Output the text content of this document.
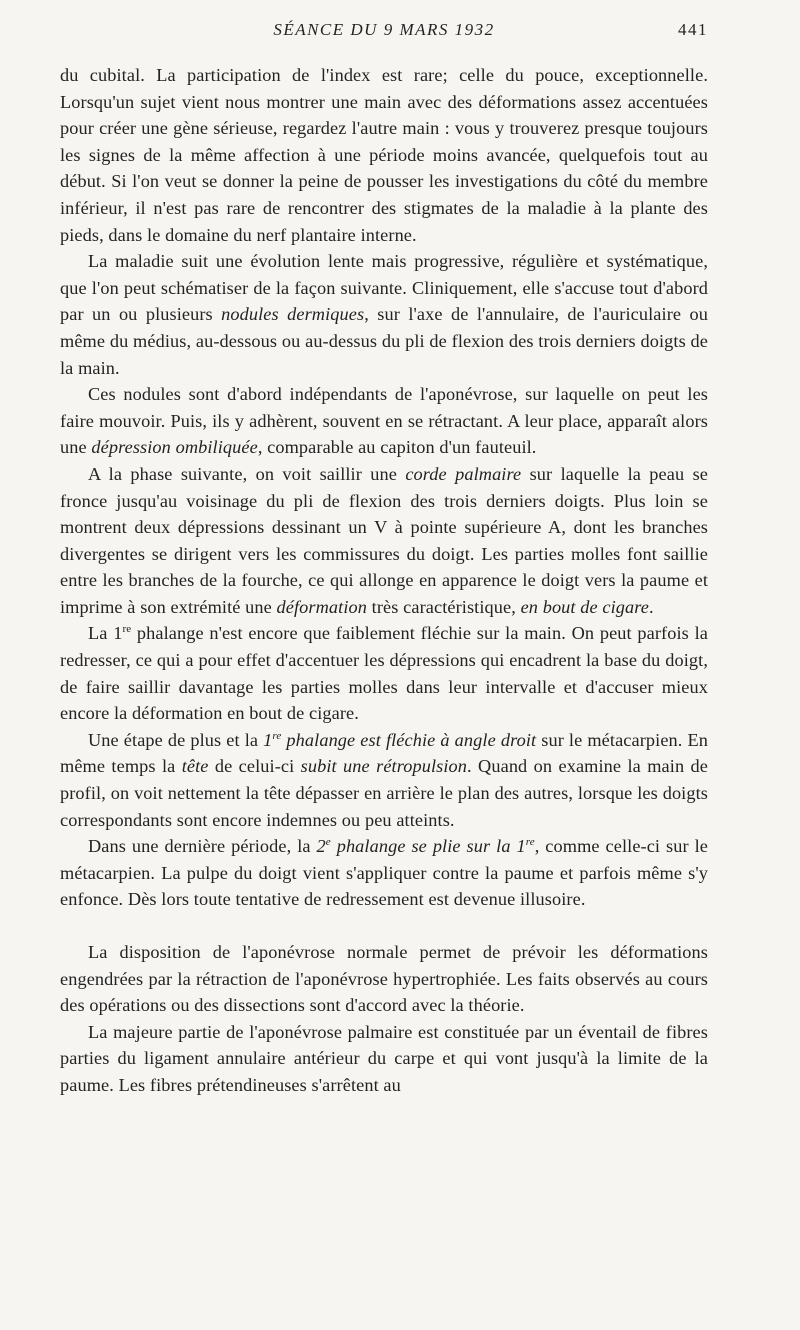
SÉANCE DU 9 MARS 1932	441

du cubital. La participation de l'index est rare; celle du pouce, exceptionnelle. Lorsqu'un sujet vient nous montrer une main avec des déformations assez accentuées pour créer une gène sérieuse, regardez l'autre main : vous y trouverez presque toujours les signes de la même affection à une période moins avancée, quelquefois tout au début. Si l'on veut se donner la peine de pousser les investigations du côté du membre inférieur, il n'est pas rare de rencontrer des stigmates de la maladie à la plante des pieds, dans le domaine du nerf plantaire interne.

La maladie suit une évolution lente mais progressive, régulière et systématique, que l'on peut schématiser de la façon suivante. Cliniquement, elle s'accuse tout d'abord par un ou plusieurs nodules dermiques, sur l'axe de l'annulaire, de l'auriculaire ou même du médius, au-dessous ou au-dessus du pli de flexion des trois derniers doigts de la main.

Ces nodules sont d'abord indépendants de l'aponévrose, sur laquelle on peut les faire mouvoir. Puis, ils y adhèrent, souvent en se rétractant. A leur place, apparaît alors une dépression ombiliquée, comparable au capiton d'un fauteuil.

A la phase suivante, on voit saillir une corde palmaire sur laquelle la peau se fronce jusqu'au voisinage du pli de flexion des trois derniers doigts. Plus loin se montrent deux dépressions dessinant un V à pointe supérieure A, dont les branches divergentes se dirigent vers les commissures du doigt. Les parties molles font saillie entre les branches de la fourche, ce qui allonge en apparence le doigt vers la paume et imprime à son extrémité une déformation très caractéristique, en bout de cigare.

La 1re phalange n'est encore que faiblement fléchie sur la main. On peut parfois la redresser, ce qui a pour effet d'accentuer les dépressions qui encadrent la base du doigt, de faire saillir davantage les parties molles dans leur intervalle et d'accuser mieux encore la déformation en bout de cigare.

Une étape de plus et la 1re phalange est fléchie à angle droit sur le métacarpien. En même temps la tête de celui-ci subit une rétropulsion. Quand on examine la main de profil, on voit nettement la tête dépasser en arrière le plan des autres, lorsque les doigts correspondants sont encore indemnes ou peu atteints.

Dans une dernière période, la 2e phalange se plie sur la 1re, comme celle-ci sur le métacarpien. La pulpe du doigt vient s'appliquer contre la paume et parfois même s'y enfonce. Dès lors toute tentative de redressement est devenue illusoire.

La disposition de l'aponévrose normale permet de prévoir les déformations engendrées par la rétraction de l'aponévrose hypertrophiée. Les faits observés au cours des opérations ou des dissections sont d'accord avec la théorie.

La majeure partie de l'aponévrose palmaire est constituée par un éventail de fibres parties du ligament annulaire antérieur du carpe et qui vont jusqu'à la limite de la paume. Les fibres prétendineuses s'arrêtent au
